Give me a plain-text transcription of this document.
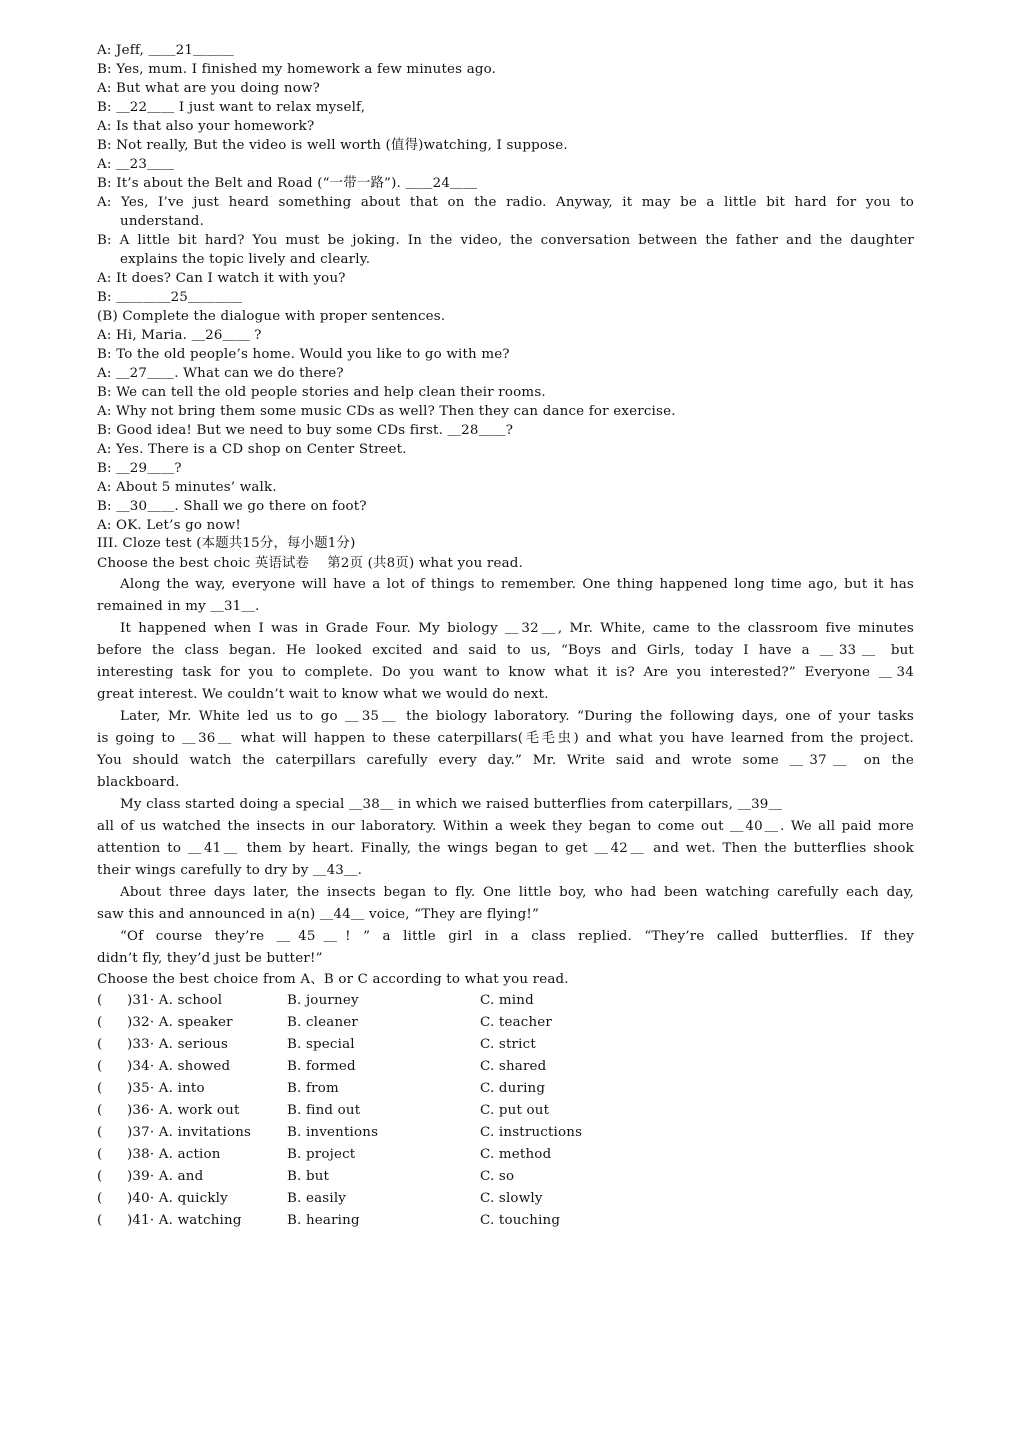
A: Jeff, ＿＿21＿＿＿
B: Yes, mum. I finished my homework a few minutes ago.
A: But what are you doing now?
B: ＿22＿＿ I just want to relax myself,
A: Is that also your homework?
B: Not really, But the video is well worth (值得)watching, I suppose.
A: ＿23＿＿
B: It’s about the Belt and Road (“一带一路”). ＿＿24＿＿
A: Yes, I’ve just heard something about that on the radio. Anyway, it may be a little bit hard for you to
understand.
B: A little bit hard? You must be joking. In the video, the conversation between the father and the daughter
explains the topic lively and clearly.
A: It does? Can I watch it with you?
B: ＿＿＿＿25＿＿＿＿
(B) Complete the dialogue with proper sentences.
A: Hi, Maria. ＿26＿＿ ?
B: To the old people’s home. Would you like to go with me?
A: ＿27＿＿. What can we do there?
B: We can tell the old people stories and help clean their rooms.
A: Why not bring them some music CDs as well? Then they can dance for exercise.
B: Good idea! But we need to buy some CDs first. ＿28＿＿?
A: Yes. There is a CD shop on Center Street.
B: ＿29＿＿?
A: About 5 minutes’ walk.
B: ＿30＿＿. Shall we go there on foot?
A: OK. Let’s go now!
III. Cloze test (本题共15分，每小题1分)
Choose the best choic 英语试卷　 第2页 (共8页) what you read.
Along the way, everyone will have a lot of things to remember. One thing happened long time ago, but it has
remained in my ＿31＿.
It happened when I was in Grade Four. My biology ＿32＿, Mr. White, came to the classroom five minutes
before the class began. He looked excited and said to us, “Boys and Girls, today I have a ＿33＿ but
interesting task for you to complete. Do you want to know what it is? Are you interested?” Everyone ＿34
great interest. We couldn’t wait to know what we would do next.
Later, Mr. White led us to go ＿35＿ the biology laboratory. “During the following days, one of your tasks
is going to ＿36＿ what will happen to these caterpillars(毛毛虫) and what you have learned from the project.
You should watch the caterpillars carefully every day.” Mr. Write said and wrote some ＿37＿ on the
blackboard.
My class started doing a special ＿38＿ in which we raised butterflies from caterpillars, ＿39＿
all of us watched the insects in our laboratory. Within a week they began to come out ＿40＿. We all paid more
attention to ＿41＿ them by heart. Finally, the wings began to get ＿42＿ and wet. Then the butterflies shook
their wings carefully to dry by ＿43＿.
About three days later, the insects began to fly. One little boy, who had been watching carefully each day,
saw this and announced in a(n) ＿44＿ voice, “They are flying!”
“Of course they’re ＿45＿! ” a little girl in a class replied. “They’re called butterflies. If they
didn’t fly, they’d just be butter!”
Choose the best choice from A、B or C according to what you read.
( )31· A. school	B. journey	C. mind
( )32· A. speaker	B. cleaner	C. teacher
( )33· A. serious	B. special	C. strict
( )34· A. showed	B. formed	C. shared
( )35· A. into	B. from	C. during
( )36· A. work out	B. find out	C. put out
( )37· A. invitations	B. inventions	C. instructions
( )38· A. action	B. project	C. method
( )39· A. and	B. but	C. so
( )40· A. quickly	B. easily	C. slowly
( )41· A. watching	B. hearing	C. touching
